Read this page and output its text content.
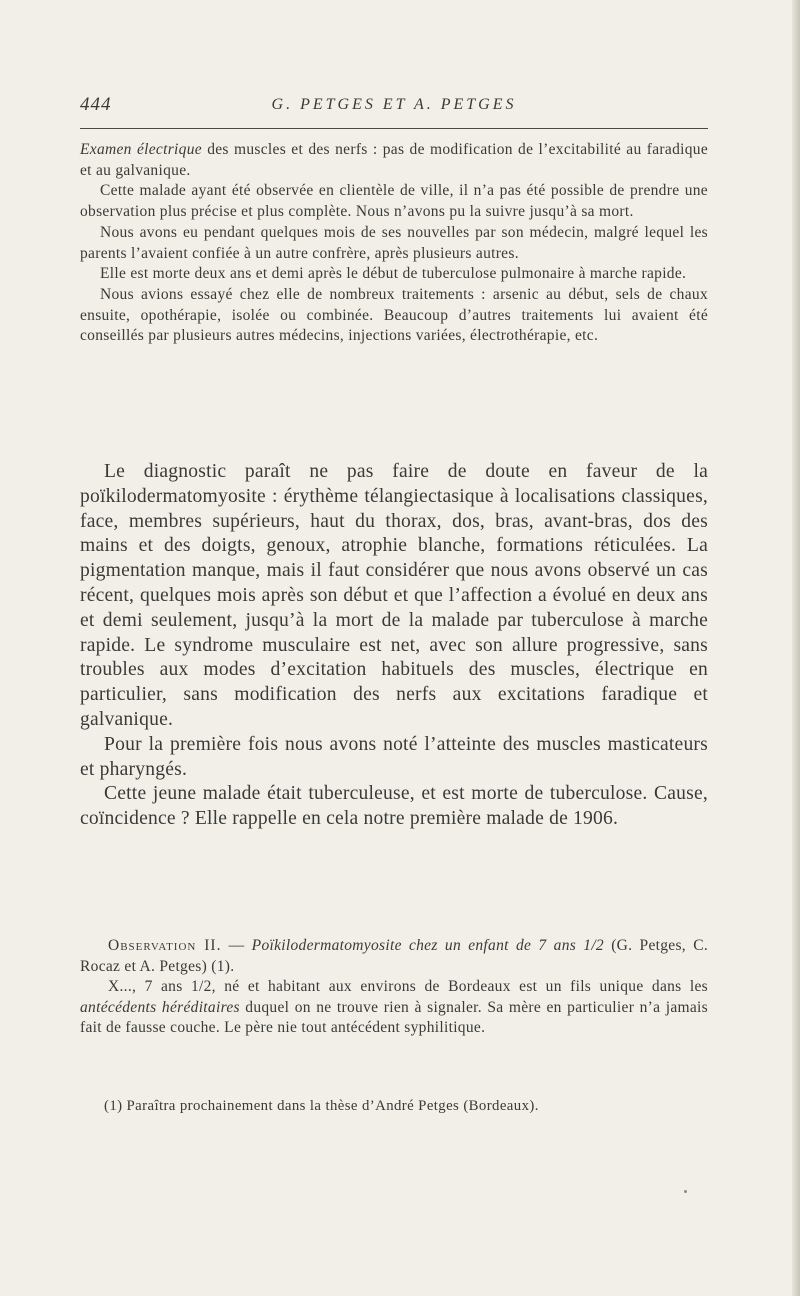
444	G. PETGES ET A. PETGES

Examen électrique des muscles et des nerfs : pas de modification de l’excitabilité au faradique et au galvanique.

Cette malade ayant été observée en clientèle de ville, il n’a pas été possible de prendre une observation plus précise et plus complète. Nous n’avons pu la suivre jusqu’à sa mort.

Nous avons eu pendant quelques mois de ses nouvelles par son médecin, malgré lequel les parents l’avaient confiée à un autre confrère, après plusieurs autres.

Elle est morte deux ans et demi après le début de tuberculose pulmonaire à marche rapide.

Nous avions essayé chez elle de nombreux traitements : arsenic au début, sels de chaux ensuite, opothérapie, isolée ou combinée. Beaucoup d’autres traitements lui avaient été conseillés par plusieurs autres médecins, injections variées, électrothérapie, etc.

Le diagnostic paraît ne pas faire de doute en faveur de la poïkilodermatomyosite : érythème télangiectasique à localisations classiques, face, membres supérieurs, haut du thorax, dos, bras, avant-bras, dos des mains et des doigts, genoux, atrophie blanche, formations réticulées. La pigmentation manque, mais il faut considérer que nous avons observé un cas récent, quelques mois après son début et que l’affection a évolué en deux ans et demi seulement, jusqu’à la mort de la malade par tuberculose à marche rapide. Le syndrome musculaire est net, avec son allure progressive, sans troubles aux modes d’excitation habituels des muscles, électrique en particulier, sans modification des nerfs aux excitations faradique et galvanique.

Pour la première fois nous avons noté l’atteinte des muscles masticateurs et pharyngés.

Cette jeune malade était tuberculeuse, et est morte de tuberculose. Cause, coïncidence ? Elle rappelle en cela notre première malade de 1906.

Observation II. — Poïkilodermatomyosite chez un enfant de 7 ans 1/2 (G. Petges, C. Rocaz et A. Petges) (1).

X..., 7 ans 1/2, né et habitant aux environs de Bordeaux est un fils unique dans les antécédents héréditaires duquel on ne trouve rien à signaler. Sa mère en particulier n’a jamais fait de fausse couche. Le père nie tout antécédent syphilitique.

(1) Paraîtra prochainement dans la thèse d’André Petges (Bordeaux).
